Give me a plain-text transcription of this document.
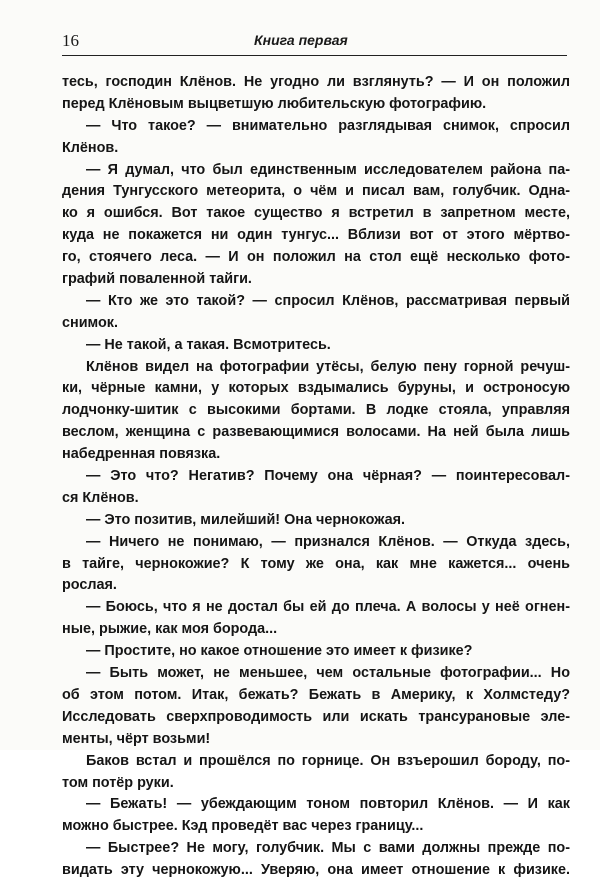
16	Книга первая
тесь, господин Клёнов. Не угодно ли взглянуть? — И он положил
перед Клёновым выцветшую любительскую фотографию.
— Что такое? — внимательно разглядывая снимок, спросил
Клёнов.
— Я думал, что был единственным исследователем района па-
дения Тунгусского метеорита, о чём и писал вам, голубчик. Одна-
ко я ошибся. Вот такое существо я встретил в запретном месте,
куда не покажется ни один тунгус... Вблизи вот от этого мёртво-
го, стоячего леса. — И он положил на стол ещё несколько фото-
графий поваленной тайги.
— Кто же это такой? — спросил Клёнов, рассматривая первый
снимок.
— Не такой, а такая. Всмотритесь.
Клёнов видел на фотографии утёсы, белую пену горной речуш-
ки, чёрные камни, у которых вздымались буруны, и остроносую
лодчонку-шитик с высокими бортами. В лодке стояла, управляя
веслом, женщина с развевающимися волосами. На ней была лишь
набедренная повязка.
— Это что? Негатив? Почему она чёрная? — поинтересовал-
ся Клёнов.
— Это позитив, милейший! Она чернокожая.
— Ничего не понимаю, — признался Клёнов. — Откуда здесь,
в тайге, чернокожие? К тому же она, как мне кажется... очень
рослая.
— Боюсь, что я не достал бы ей до плеча. А волосы у неё огнен-
ные, рыжие, как моя борода...
— Простите, но какое отношение это имеет к физике?
— Быть может, не меньшее, чем остальные фотографии... Но
об этом потом. Итак, бежать? Бежать в Америку, к Холмстеду?
Исследовать сверхпроводимость или искать трансурановые эле-
менты, чёрт возьми!
Баков встал и прошёлся по горнице. Он взъерошил бороду, по-
том потёр руки.
— Бежать! — убеждающим тоном повторил Клёнов. — И как
можно быстрее. Кэд проведёт вас через границу...
— Быстрее? Не могу, голубчик. Мы с вами должны прежде по-
видать эту чернокожую... Уверяю, она имеет отношение к физике.
